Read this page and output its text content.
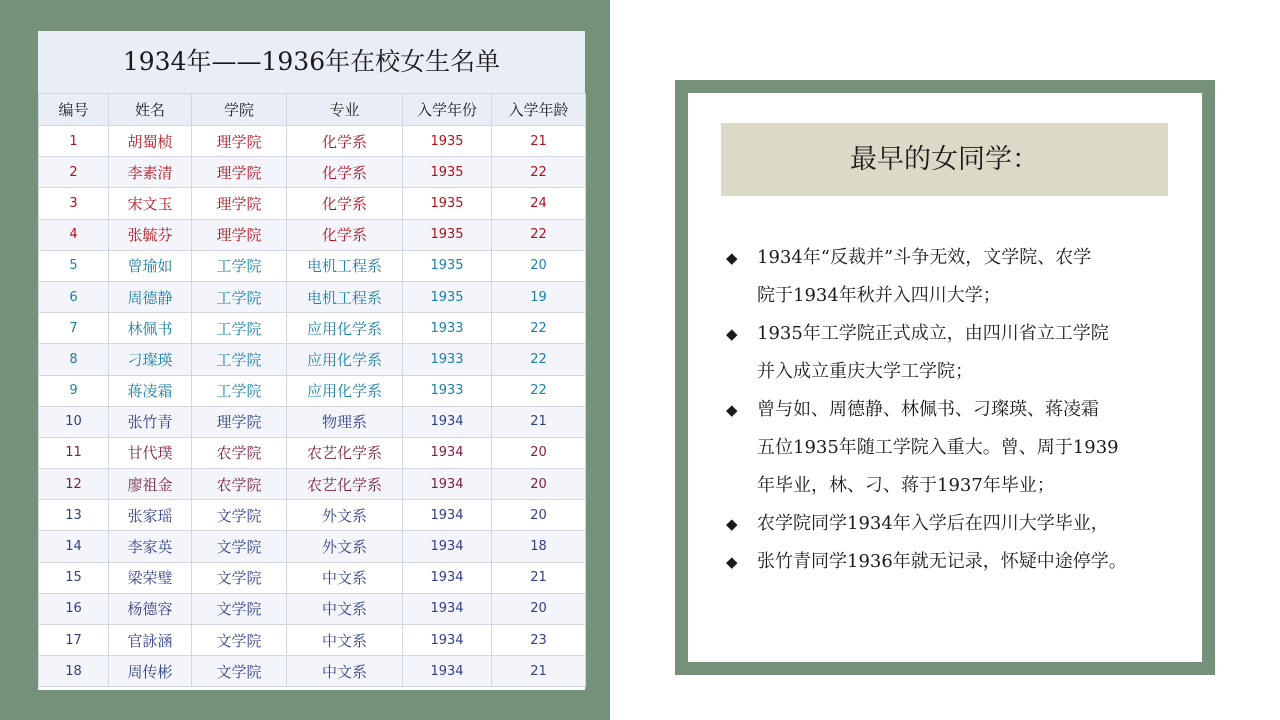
1934年——1936年在校女生名单
编号	姓名	学院	专业	入学年份	入学年龄
1	胡蜀桢	理学院	化学系	1935	21
2	李素清	理学院	化学系	1935	22
3	宋文玉	理学院	化学系	1935	24
4	张毓芬	理学院	化学系	1935	22
5	曾瑜如	工学院	电机工程系	1935	20
6	周德静	工学院	电机工程系	1935	19
7	林佩书	工学院	应用化学系	1933	22
8	刁璨瑛	工学院	应用化学系	1933	22
9	蒋凌霜	工学院	应用化学系	1933	22
10	张竹青	理学院	物理系	1934	21
11	甘代璞	农学院	农艺化学系	1934	20
12	廖祖金	农学院	农艺化学系	1934	20
13	张家瑶	文学院	外文系	1934	20
14	李家英	文学院	外文系	1934	18
15	梁荣璧	文学院	中文系	1934	21
16	杨德容	文学院	中文系	1934	20
17	官詠涵	文学院	中文系	1934	23
18	周传彬	文学院	中文系	1934	21
最早的女同学：
◆ 1934年“反裁并”斗争无效，文学院、农学
院于1934年秋并入四川大学；
◆ 1935年工学院正式成立，由四川省立工学院
并入成立重庆大学工学院；
◆ 曾与如、周德静、林佩书、刁璨瑛、蒋凌霜
五位1935年随工学院入重大。曾、周于1939
年毕业，林、刁、蒋于1937年毕业；
◆ 农学院同学1934年入学后在四川大学毕业，
◆ 张竹青同学1936年就无记录，怀疑中途停学。
